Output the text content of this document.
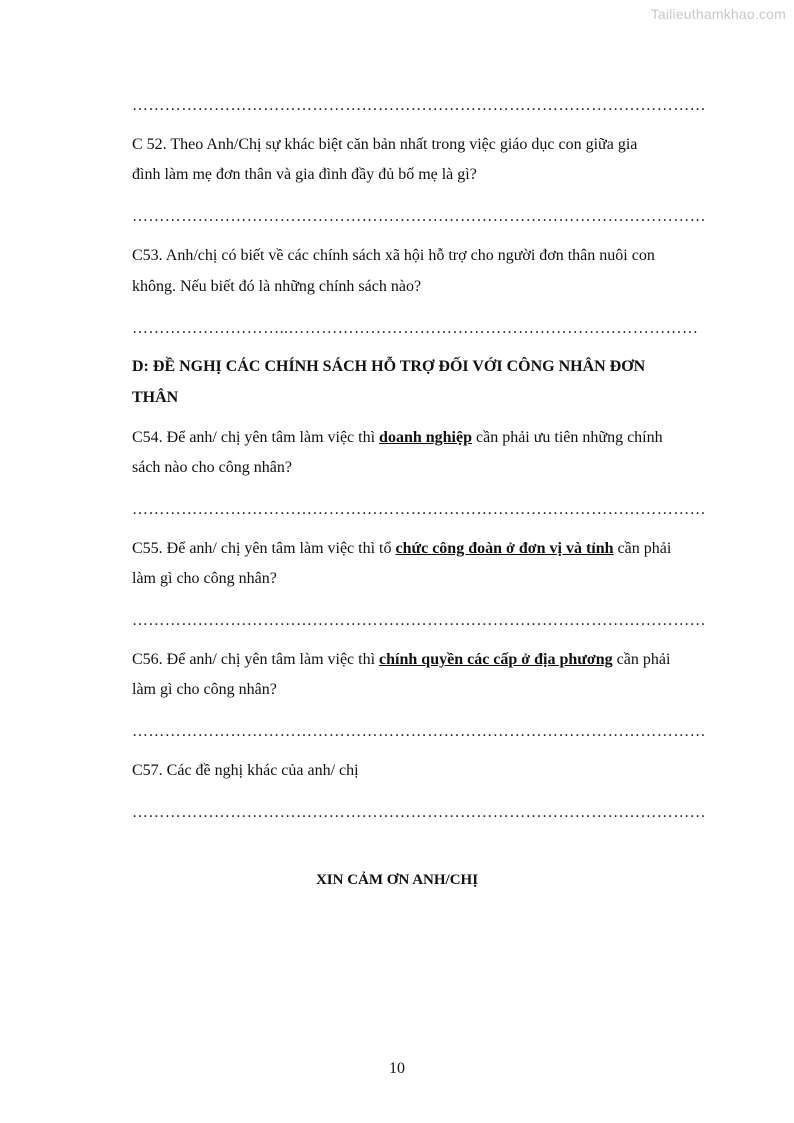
Tailieuthamkhao.com
……………………………………………………………………………………………
C 52. Theo Anh/Chị sự khác biệt căn bản nhất trong việc giáo dục con giữa gia
đình làm mẹ đơn thân và gia đình đầy đủ bố mẹ là gì?
……………………………………………………………………………………………
C53. Anh/chị có biết về các chính sách xã hội hỗ trợ cho người đơn thân nuôi con
không. Nếu biết đó là những chính sách nào?
………………………..…………………………………………………………………
D: ĐỀ NGHỊ CÁC CHÍNH SÁCH HỖ TRỢ ĐỐI VỚI CÔNG NHÂN ĐƠN
THÂN
C54. Để anh/ chị yên tâm làm việc thì doanh nghiệp cần phải ưu tiên những chính
sách nào cho công nhân?
……………………………………………………………………………………………
C55. Để anh/ chị yên tâm làm việc thì tổ chức công đoàn ở đơn vị và tỉnh cần phải
làm gì cho công nhân?
……………………………………………………………………………………………
C56. Để anh/ chị yên tâm làm việc thì chính quyền các cấp ở địa phương cần phải
làm gì cho công nhân?
……………………………………………………………………………………………
C57. Các đề nghị khác của anh/ chị
……………………………………………………………………………………………
XIN CẢM ƠN ANH/CHỊ
10
